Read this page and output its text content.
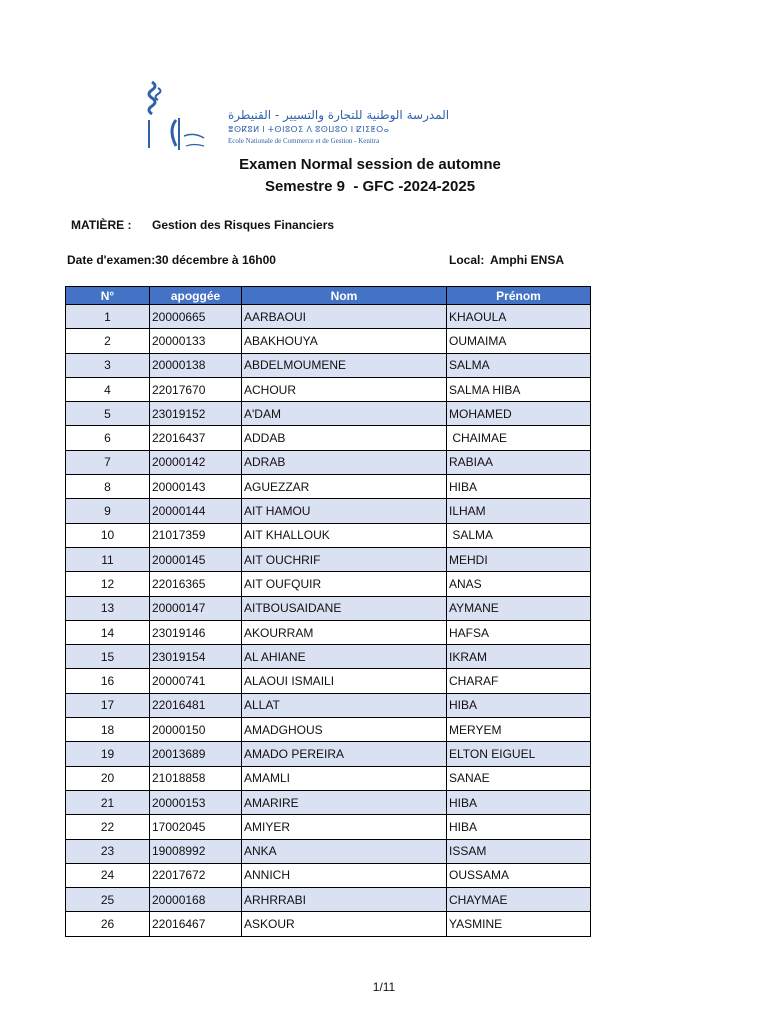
المدرسة الوطنية للتجارة والتسيير - القنيطرة
ⴻⵙⴽⵓⵍ ⵏ ⵜⵙⵏⵓⵔⵉ ⴷ ⵓⵙⵡⵓⵔ ⵏ ⵇⵏⵉⵟⵔⴰ
Ecole Nationale de Commerce et de Gestion - Kenitra
Examen Normal session de automne
Semestre 9  - GFC -2024-2025
MATIÈRE : Gestion des Risques Financiers
Date d'examen:30 décembre à 16h00	Local: Amphi ENSA
N°	apoggée	Nom	Prénom
1	20000665	AARBAOUI	KHAOULA
2	20000133	ABAKHOUYA	OUMAIMA
3	20000138	ABDELMOUMENE	SALMA
4	22017670	ACHOUR	SALMA HIBA
5	23019152	A'DAM	MOHAMED
6	22016437	ADDAB	CHAIMAE
7	20000142	ADRAB	RABIAA
8	20000143	AGUEZZAR	HIBA
9	20000144	AIT HAMOU	ILHAM
10	21017359	AIT KHALLOUK	SALMA
11	20000145	AIT OUCHRIF	MEHDI
12	22016365	AIT OUFQUIR	ANAS
13	20000147	AITBOUSAIDANE	AYMANE
14	23019146	AKOURRAM	HAFSA
15	23019154	AL AHIANE	IKRAM
16	20000741	ALAOUI ISMAILI	CHARAF
17	22016481	ALLAT	HIBA
18	20000150	AMADGHOUS	MERYEM
19	20013689	AMADO PEREIRA	ELTON EIGUEL
20	21018858	AMAMLI	SANAE
21	20000153	AMARIRE	HIBA
22	17002045	AMIYER	HIBA
23	19008992	ANKA	ISSAM
24	22017672	ANNICH	OUSSAMA
25	20000168	ARHRRABI	CHAYMAE
26	22016467	ASKOUR	YASMINE
1/11
